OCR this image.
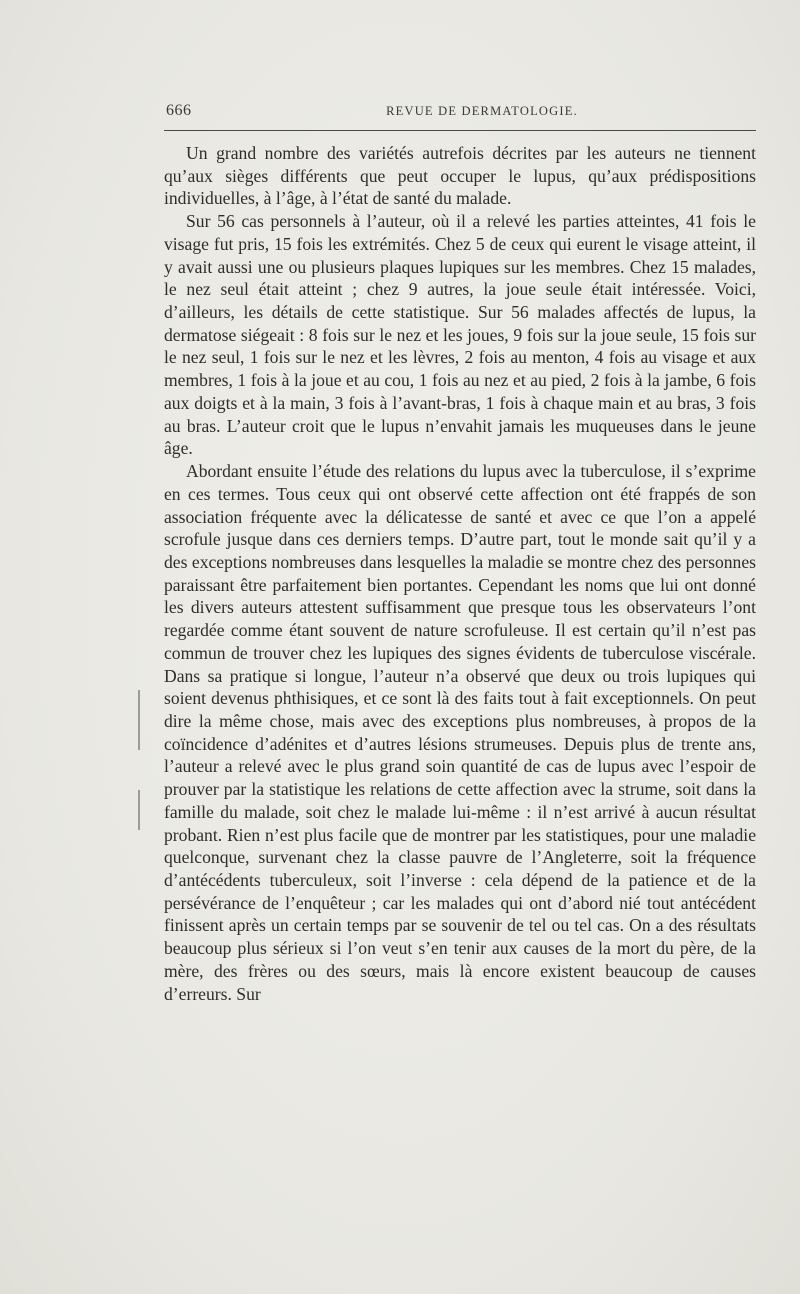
666	REVUE DE DERMATOLOGIE.

Un grand nombre des variétés autrefois décrites par les auteurs ne tiennent qu’aux sièges différents que peut occuper le lupus, qu’aux prédispositions individuelles, à l’âge, à l’état de santé du malade.

Sur 56 cas personnels à l’auteur, où il a relevé les parties atteintes, 41 fois le visage fut pris, 15 fois les extrémités. Chez 5 de ceux qui eurent le visage atteint, il y avait aussi une ou plusieurs plaques lupiques sur les membres. Chez 15 malades, le nez seul était atteint ; chez 9 autres, la joue seule était intéressée. Voici, d’ailleurs, les détails de cette statistique. Sur 56 malades affectés de lupus, la dermatose siégeait : 8 fois sur le nez et les joues, 9 fois sur la joue seule, 15 fois sur le nez seul, 1 fois sur le nez et les lèvres, 2 fois au menton, 4 fois au visage et aux membres, 1 fois à la joue et au cou, 1 fois au nez et au pied, 2 fois à la jambe, 6 fois aux doigts et à la main, 3 fois à l’avant-bras, 1 fois à chaque main et au bras, 3 fois au bras. L’auteur croit que le lupus n’envahit jamais les muqueuses dans le jeune âge.

Abordant ensuite l’étude des relations du lupus avec la tuberculose, il s’exprime en ces termes. Tous ceux qui ont observé cette affection ont été frappés de son association fréquente avec la délicatesse de santé et avec ce que l’on a appelé scrofule jusque dans ces derniers temps. D’autre part, tout le monde sait qu’il y a des exceptions nombreuses dans lesquelles la maladie se montre chez des personnes paraissant être parfaitement bien portantes. Cependant les noms que lui ont donné les divers auteurs attestent suffisamment que presque tous les observateurs l’ont regardée comme étant souvent de nature scrofuleuse. Il est certain qu’il n’est pas commun de trouver chez les lupiques des signes évidents de tuberculose viscérale. Dans sa pratique si longue, l’auteur n’a observé que deux ou trois lupiques qui soient devenus phthisiques, et ce sont là des faits tout à fait exceptionnels. On peut dire la même chose, mais avec des exceptions plus nombreuses, à propos de la coïncidence d’adénites et d’autres lésions strumeuses. Depuis plus de trente ans, l’auteur a relevé avec le plus grand soin quantité de cas de lupus avec l’espoir de prouver par la statistique les relations de cette affection avec la strume, soit dans la famille du malade, soit chez le malade lui-même : il n’est arrivé à aucun résultat probant. Rien n’est plus facile que de montrer par les statistiques, pour une maladie quelconque, survenant chez la classe pauvre de l’Angleterre, soit la fréquence d’antécédents tuberculeux, soit l’inverse : cela dépend de la patience et de la persévérance de l’enquêteur ; car les malades qui ont d’abord nié tout antécédent finissent après un certain temps par se souvenir de tel ou tel cas. On a des résultats beaucoup plus sérieux si l’on veut s’en tenir aux causes de la mort du père, de la mère, des frères ou des sœurs, mais là encore existent beaucoup de causes d’erreurs. Sur
